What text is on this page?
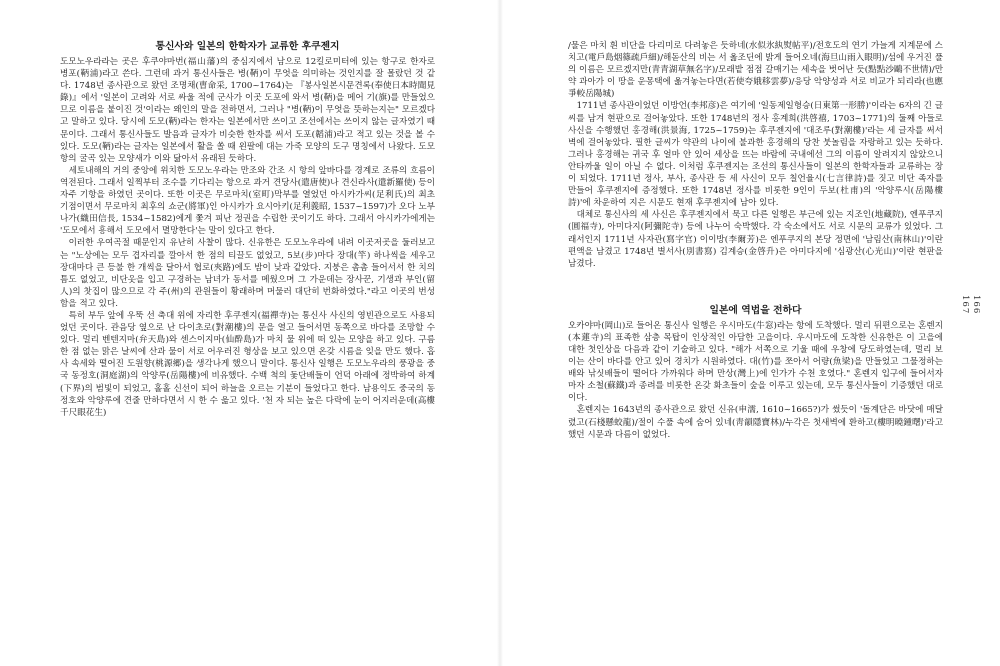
통신사와 일본의 한학자가 교류한 후쿠젠지

도모노우라라는 곳은 후쿠야마번(福山藩)의 중심지에서 남으로 12킬로미터에 있는 항구로 한자로 병포(鞆浦)라고 쓴다. 그런데 과거 통신사들은 병(鞆)이 무엇을 의미하는 것인지를 잘 몰랐던 것 같다. 1748년 종사관으로 왔던 조명채(曺命采, 1700~1764)는 『봉사일본시문견록(奉使日本時聞見錄)』에서 '일본이 고려와 서로 싸울 적에 군사가 이곳 도포에 와서 병(鞆)을 메어 기(旗)를 만들었으므로 이름을 붙이진 것'이라는 왜인의 말을 전하면서, 그러나 "병(鞆)이 무엇을 뜻하는지는" 모르겠다고 말하고 있다. 당시에 도모(鞆)라는 한자는 일본에서만 쓰이고 조선에서는 쓰이지 않는 글자였기 때문이다. 그래서 통신사들도 발음과 글자가 비슷한 한자를 써서 도포(韜浦)라고 적고 있는 것을 볼 수 있다. 도모(鞆)라는 글자는 일본에서 활을 쏠 때 왼팔에 대는 가죽 모양의 도구 명칭에서 나왔다. 도모항의 굴곡 있는 모양새가 이와 닮아서 유래된 듯하다.

세토내해의 거의 중앙에 위치한 도모노우라는 만조와 간조 시 항의 앞바다를 경계로 조류의 흐름이 역전된다. 그래서 일찍부터 조수를 기다리는 항으로 과거 견당사(遣唐使)나 견신라사(遣新羅使) 등이 자주 기항을 하였던 곳이다. 또한 이곳은 무로마치(室町)막부를 열었던 아시카가씨(足利氏)의 최초 기점이면서 무로마치 최후의 쇼군(將軍)인 아시카가 요시아키(足利義昭, 1537~1597)가 오다 노부나가(織田信長, 1534~1582)에게 쫓겨 피난 정권을 수립한 곳이기도 하다. 그래서 아시카가에게는 '도모에서 흥해서 도모에서 멸망한다'는 말이 있다고 한다.

이러한 우여곡절 때문인지 유난히 사찰이 많다. 신유한은 도모노우라에 내려 이곳저곳을 둘러보고는 "노상에는 모두 겹자리를 깔아서 한 점의 티끌도 없었고, 5보(步)마다 장대(竿) 하나씩을 세우고 장대마다 큰 등불 한 개씩을 달아서 협로(夾路)에도 밤이 낮과 같았다. 지붕은 촘촘 들어서서 한 치의 틈도 없었고, 비단옷을 입고 구경하는 남녀가 동서를 메웠으며 그 가운데는 장사꾼, 기생과 부인(留人)의 찻집이 많으므로 각 주(州)의 관원들이 황래하며 머물러 대단히 번화하였다."라고 이곳의 번성함을 적고 있다.

특히 부두 앞에 우뚝 선 축대 위에 자리한 후쿠젠지(福禪寺)는 통신사 사신의 영빈관으로도 사용되었던 곳이다. 관음당 옆으로 난 다이초로(對潮樓)의 문을 열고 들어서면 동쪽으로 바다를 조망할 수 있다. 멀리 벤텐지마(弁天島)와 센스이지마(仙酔島)가 마치 물 위에 떠 있는 모양을 하고 있다. 구름 한 점 없는 맑은 날씨에 산과 물이 서로 어우러진 형상을 보고 있으면 온갖 시름을 잊을 만도 했다. 흡사 속세와 떨어진 도원향(桃源郷)을 생각나게 했으니 말이다. 통신사 일행은 도모노우라의 풍광을 중국 동정호(洞庭湖)의 악양루(岳陽樓)에 비유했다. 수백 척의 돛단배들이 언덕 아래에 정박하여 하계(下界)의 범빛이 되었고, 홀홀 신선이 되어 하늘을 오르는 기분이 들었다고 한다. 남용익도 중국의 동정호와 악양루에 견줄 만하다면서 시 한 수 읊고 있다. '천 자 되는 높은 다락에 눈이 어지러운데(高樓千尺眼花生)

/물은 마치 흰 비단을 다리미로 다려놓은 듯하네(水似氷紈熨帖平)/전호도의 연기 가늘게 지계문에 스치고(電戶島烟篠疏戶細)/해돋산의 비는 서 옮조딘에 밝게 들어오네(海旦山雨入眼明)/섬에 우거진 풀의 이름은 모르겠지만(青青湖草無名字)/모래밭 점점 갈매기는 세속을 벗어난 듯(點點沙鷗不世情)/만약 과아가 이 땅을 운몽택에 옮겨놓는다면(若使夸娥移雲夢)/응당 악양성과 서로 비교가 되리라(也應爭較岳陽城)

1711년 종사관이었던 이방언(李邦彦)은 여기에 '일동제일형승(日東第一形勝)'이라는 6자의 긴 글씨를 남겨 현판으로 걸어놓았다. 또한 1748년의 정사 홍계희(洪啓禧, 1703~1771)의 둘째 아들로 사신을 수행했던 홍경해(洪景海, 1725~1759)는 후쿠젠지에 '대조루(對潮樓)'라는 세 글자를 써서 벽에 걸어놓았다. 필한 글씨가 약관의 나이에 불과한 홍경해의 당찬 붓놀림을 자랑하고 있는 듯하다. 그러나 홍경해는 귀국 후 얼마 안 있어 세상을 뜨는 바람에 국내에선 그의 이름이 알려지지 않았으니 안타까울 일이 아닐 수 없다. 이처럼 후쿠젠지는 조선의 통신사들이 일본의 한학자들과 교류하는 장이 되었다. 1711년 정사, 부사, 종사관 등 세 사신이 모두 칠언율시(七言律詩)를 짓고 비단 족자를 만들어 후쿠젠지에 증정했다. 또한 1748년 정사를 비롯한 9인이 두보(杜甫)의 '악양루시(岳陽樓詩)'에 차운하여 지은 시문도 현재 후쿠젠지에 남아 있다.

대체로 통신사의 세 사신은 후쿠젠지에서 묵고 다른 일행은 부근에 있는 지조인(地藏院), 엔푸쿠지(圓福寺), 아미다지(阿彌陀寺) 등에 나누어 숙박했다. 각 숙소에서도 서로 시문의 교류가 있었다. 그래서인지 1711년 사자관(寫字官) 이이방(李爾芳)은 엔푸쿠지의 본당 정면에 '남림산(南林山)'이란 편액을 남겼고 1748년 별서사(別書寫) 김계승(金啓升)은 아미다지에 '심광산(心光山)'이란 현판을 남겼다.

일본에 역법을 전하다

오카야마(岡山)로 들어온 통신사 일행은 우시마도(牛窓)라는 항에 도착했다. 멀리 뒤편으로는 혼렌지(本蓮寺)의 표족한 삼층 목탑이 인상적인 아담한 고을이다. 우시마도에 도착한 신유한은 이 고을에 대한 첫인상을 다음과 같이 기술하고 있다. "해가 서쪽으로 기울 때에 우창에 당도하였는데, 멀리 보이는 산이 바다를 안고 있어 경치가 시원하였다. 대(竹)를 쪼아서 어량(魚梁)을 만들었고 그물정하는 배와 낚싯배들이 떨어다 가까워다 하며 만상(灣上)에 인가가 수천 호였다." 혼렌지 입구에 들어서자마자 소철(蘇鐵)과 종려를 비롯한 온갖 화초들이 숲을 이루고 있는데, 모두 통신사들이 기증했던 대로이다.

혼렌지는 1643년의 종사관으로 왔던 신유(申濡, 1610~1665?)가 썼듯이 '돌계단은 바닷에 매달렸고(石棧懸蛟龍)/절이 수풀 속에 숨어 있네(靑韻隱寶林)/누각은 첫새벽에 환하고(樓明曉鍾曙)'라고 했던 시문과 다름이 없었다.

166
167
